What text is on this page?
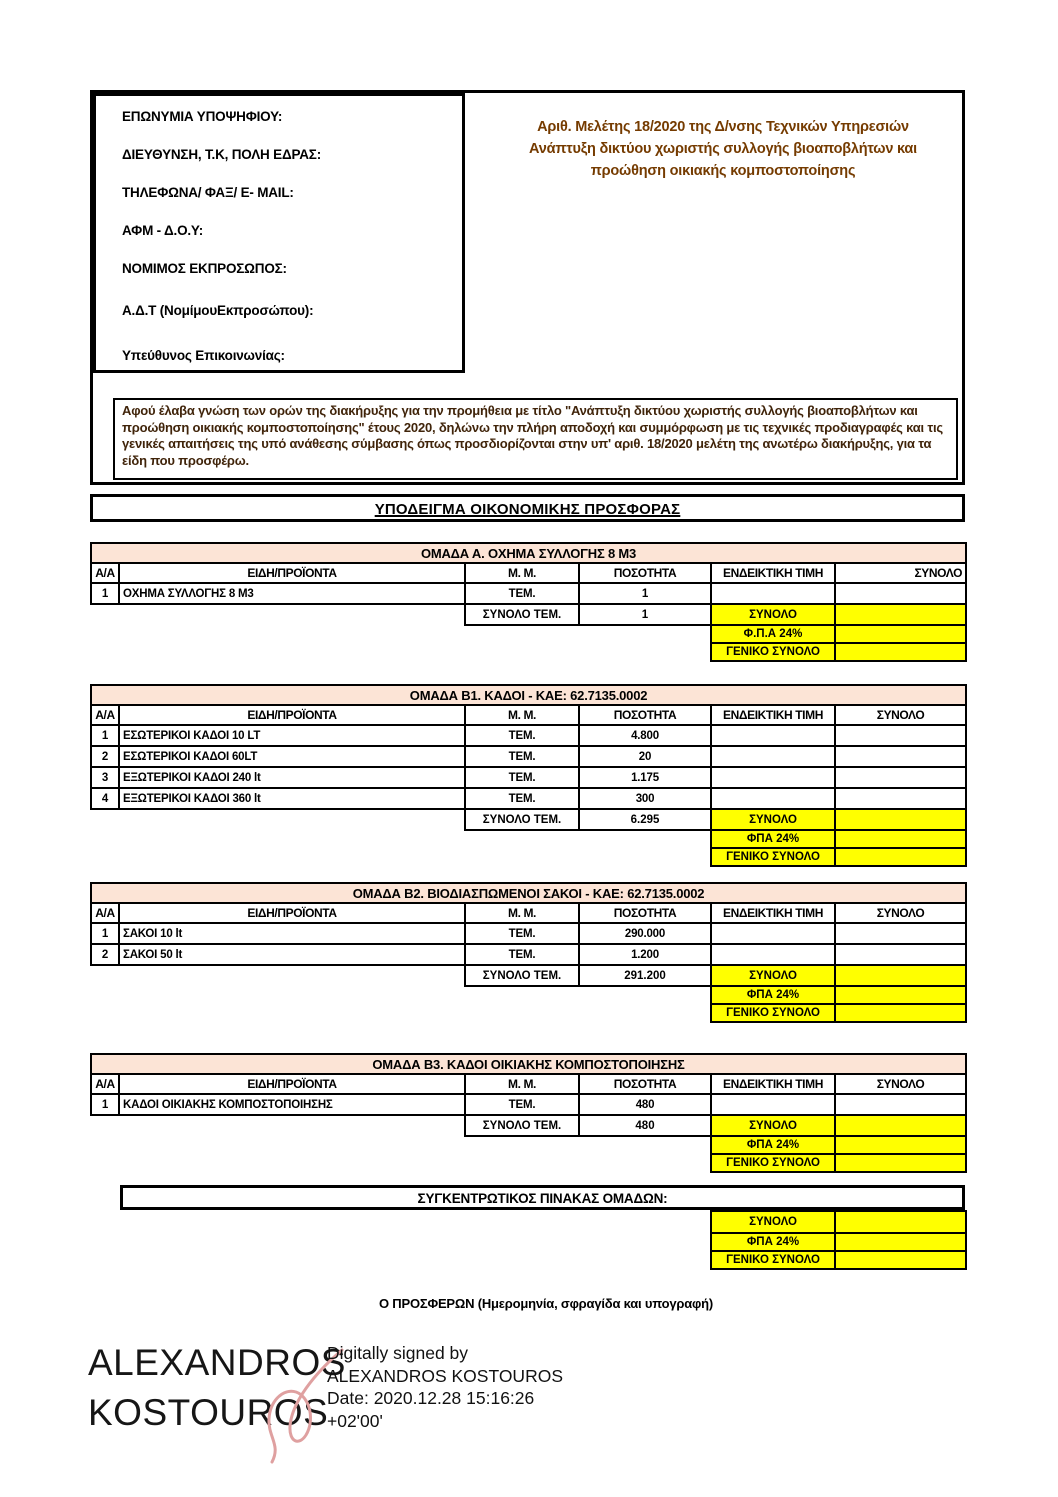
ΕΠΩΝΥΜΙΑ ΥΠΟΨΗΦΙΟΥ:
ΔΙΕΥΘΥΝΣΗ, Τ.Κ, ΠΟΛΗ ΕΔΡΑΣ:
ΤΗΛΕΦΩΝΑ/ ΦΑΞ/ E- MAIL:
ΑΦΜ - Δ.Ο.Υ:
ΝΟΜΙΜΟΣ ΕΚΠΡΟΣΩΠΟΣ:
Α.Δ.Τ (ΝομίμουΕκπροσώπου):
Υπεύθυνος Επικοινωνίας:
Αριθ. Μελέτης 18/2020 της Δ/νσης Τεχνικών Υπηρεσιών
Ανάπτυξη δικτύου χωριστής συλλογής βιοαποβλήτων και
προώθηση οικιακής κομποστοποίησης
Αφού έλαβα γνώση των ορών της διακήρυξης για την προμήθεια με τίτλο "Ανάπτυξη δικτύου χωριστής συλλογής βιοαποβλήτων και προώθηση οικιακής κομποστοποίησης" έτους 2020, δηλώνω την πλήρη αποδοχή και συμμόρφωση με τις τεχνικές προδιαγραφές και τις γενικές απαιτήσεις της υπό ανάθεσης σύμβασης όπως προσδιορίζονται στην υπ' αριθ. 18/2020 μελέτη της ανωτέρω διακήρυξης, για τα είδη που προσφέρω.
ΥΠΟΔΕΙΓΜΑ ΟΙΚΟΝΟΜΙΚΗΣ ΠΡΟΣΦΟΡΑΣ
ΟΜΑΔΑ Α. ΟΧΗΜΑ ΣΥΛΛΟΓΗΣ 8 Μ3					
Α/Α	ΕΙΔΗ/ΠΡΟΪΟΝΤΑ	Μ. Μ.	ΠΟΣΟΤΗΤΑ	ΕΝΔΕΙΚΤΙΚΗ ΤΙΜΗ	ΣΥΝΟΛΟ
1	ΟΧΗΜΑ ΣΥΛΛΟΓΗΣ 8 Μ3	ΤΕΜ.	1		
		ΣΥΝΟΛΟ ΤΕΜ.	1	ΣΥΝΟΛΟ	
				Φ.Π.Α 24%	
				ΓΕΝΙΚΟ ΣΥΝΟΛΟ	
ΟΜΑΔΑ Β1. ΚΑΔΟΙ - ΚΑΕ: 62.7135.0002					
Α/Α	ΕΙΔΗ/ΠΡΟΪΟΝΤΑ	Μ. Μ.	ΠΟΣΟΤΗΤΑ	ΕΝΔΕΙΚΤΙΚΗ ΤΙΜΗ	ΣΥΝΟΛΟ
1	ΕΣΩΤΕΡΙΚΟΙ ΚΑΔΟΙ 10 LT	ΤΕΜ.	4.800		
2	ΕΣΩΤΕΡΙΚΟΙ ΚΑΔΟΙ 60LT	ΤΕΜ.	20		
3	ΕΞΩΤΕΡΙΚΟΙ ΚΑΔΟΙ 240 lt	ΤΕΜ.	1.175		
4	ΕΞΩΤΕΡΙΚΟΙ ΚΑΔΟΙ 360 lt	ΤΕΜ.	300		
		ΣΥΝΟΛΟ ΤΕΜ.	6.295	ΣΥΝΟΛΟ	
				ΦΠΑ 24%	
				ΓΕΝΙΚΟ ΣΥΝΟΛΟ	
ΟΜΑΔΑ Β2. ΒΙΟΔΙΑΣΠΩΜΕΝΟΙ ΣΑΚΟΙ - ΚΑΕ: 62.7135.0002					
Α/Α	ΕΙΔΗ/ΠΡΟΪΟΝΤΑ	Μ. Μ.	ΠΟΣΟΤΗΤΑ	ΕΝΔΕΙΚΤΙΚΗ ΤΙΜΗ	ΣΥΝΟΛΟ
1	ΣΑΚΟΙ 10 lt	ΤΕΜ.	290.000		
2	ΣΑΚΟΙ 50 lt	ΤΕΜ.	1.200		
		ΣΥΝΟΛΟ ΤΕΜ.	291.200	ΣΥΝΟΛΟ	
				ΦΠΑ 24%	
				ΓΕΝΙΚΟ ΣΥΝΟΛΟ	
ΟΜΑΔΑ Β3. ΚΑΔΟΙ ΟΙΚΙΑΚΗΣ ΚΟΜΠΟΣΤΟΠΟΙΗΣΗΣ					
Α/Α	ΕΙΔΗ/ΠΡΟΪΟΝΤΑ	Μ. Μ.	ΠΟΣΟΤΗΤΑ	ΕΝΔΕΙΚΤΙΚΗ ΤΙΜΗ	ΣΥΝΟΛΟ
1	ΚΑΔΟΙ ΟΙΚΙΑΚΗΣ ΚΟΜΠΟΣΤΟΠΟΙΗΣΗΣ	ΤΕΜ.	480		
		ΣΥΝΟΛΟ ΤΕΜ.	480	ΣΥΝΟΛΟ	
				ΦΠΑ 24%	
				ΓΕΝΙΚΟ ΣΥΝΟΛΟ	
ΣΥΓΚΕΝΤΡΩΤΙΚΟΣ ΠΙΝΑΚΑΣ ΟΜΑΔΩΝ:
ΣΥΝΟΛΟ	
ΦΠΑ 24%	
ΓΕΝΙΚΟ ΣΥΝΟΛΟ	
Ο ΠΡΟΣΦΕΡΩΝ (Ημερομηνία, σφραγίδα και υπογραφή)
ALEXANDROS
KOSTOUROS
Digitally signed by
ALEXANDROS KOSTOUROS
Date: 2020.12.28 15:16:26
+02'00'
